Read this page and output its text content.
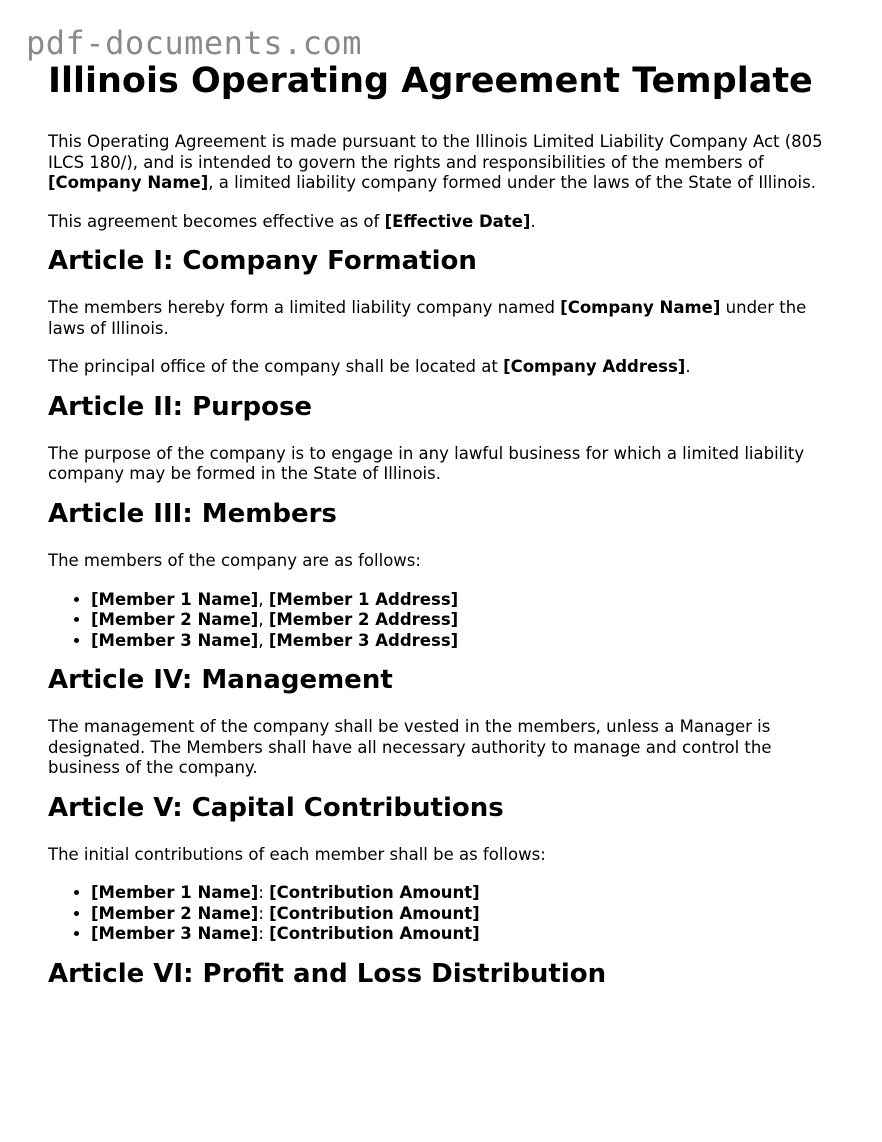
pdf-documents.com
Illinois Operating Agreement Template

This Operating Agreement is made pursuant to the Illinois Limited Liability Company Act (805 ILCS 180/), and is intended to govern the rights and responsibilities of the members of [Company Name], a limited liability company formed under the laws of the State of Illinois.

This agreement becomes effective as of [Effective Date].

Article I: Company Formation

The members hereby form a limited liability company named [Company Name] under the laws of Illinois.

The principal office of the company shall be located at [Company Address].

Article II: Purpose

The purpose of the company is to engage in any lawful business for which a limited liability company may be formed in the State of Illinois.

Article III: Members

The members of the company are as follows:

• [Member 1 Name], [Member 1 Address]
• [Member 2 Name], [Member 2 Address]
• [Member 3 Name], [Member 3 Address]
Article IV: Management

The management of the company shall be vested in the members, unless a Manager is designated. The Members shall have all necessary authority to manage and control the business of the company.

Article V: Capital Contributions

The initial contributions of each member shall be as follows:

• [Member 1 Name]: [Contribution Amount]
• [Member 2 Name]: [Contribution Amount]
• [Member 3 Name]: [Contribution Amount]
Article VI: Profit and Loss Distribution
